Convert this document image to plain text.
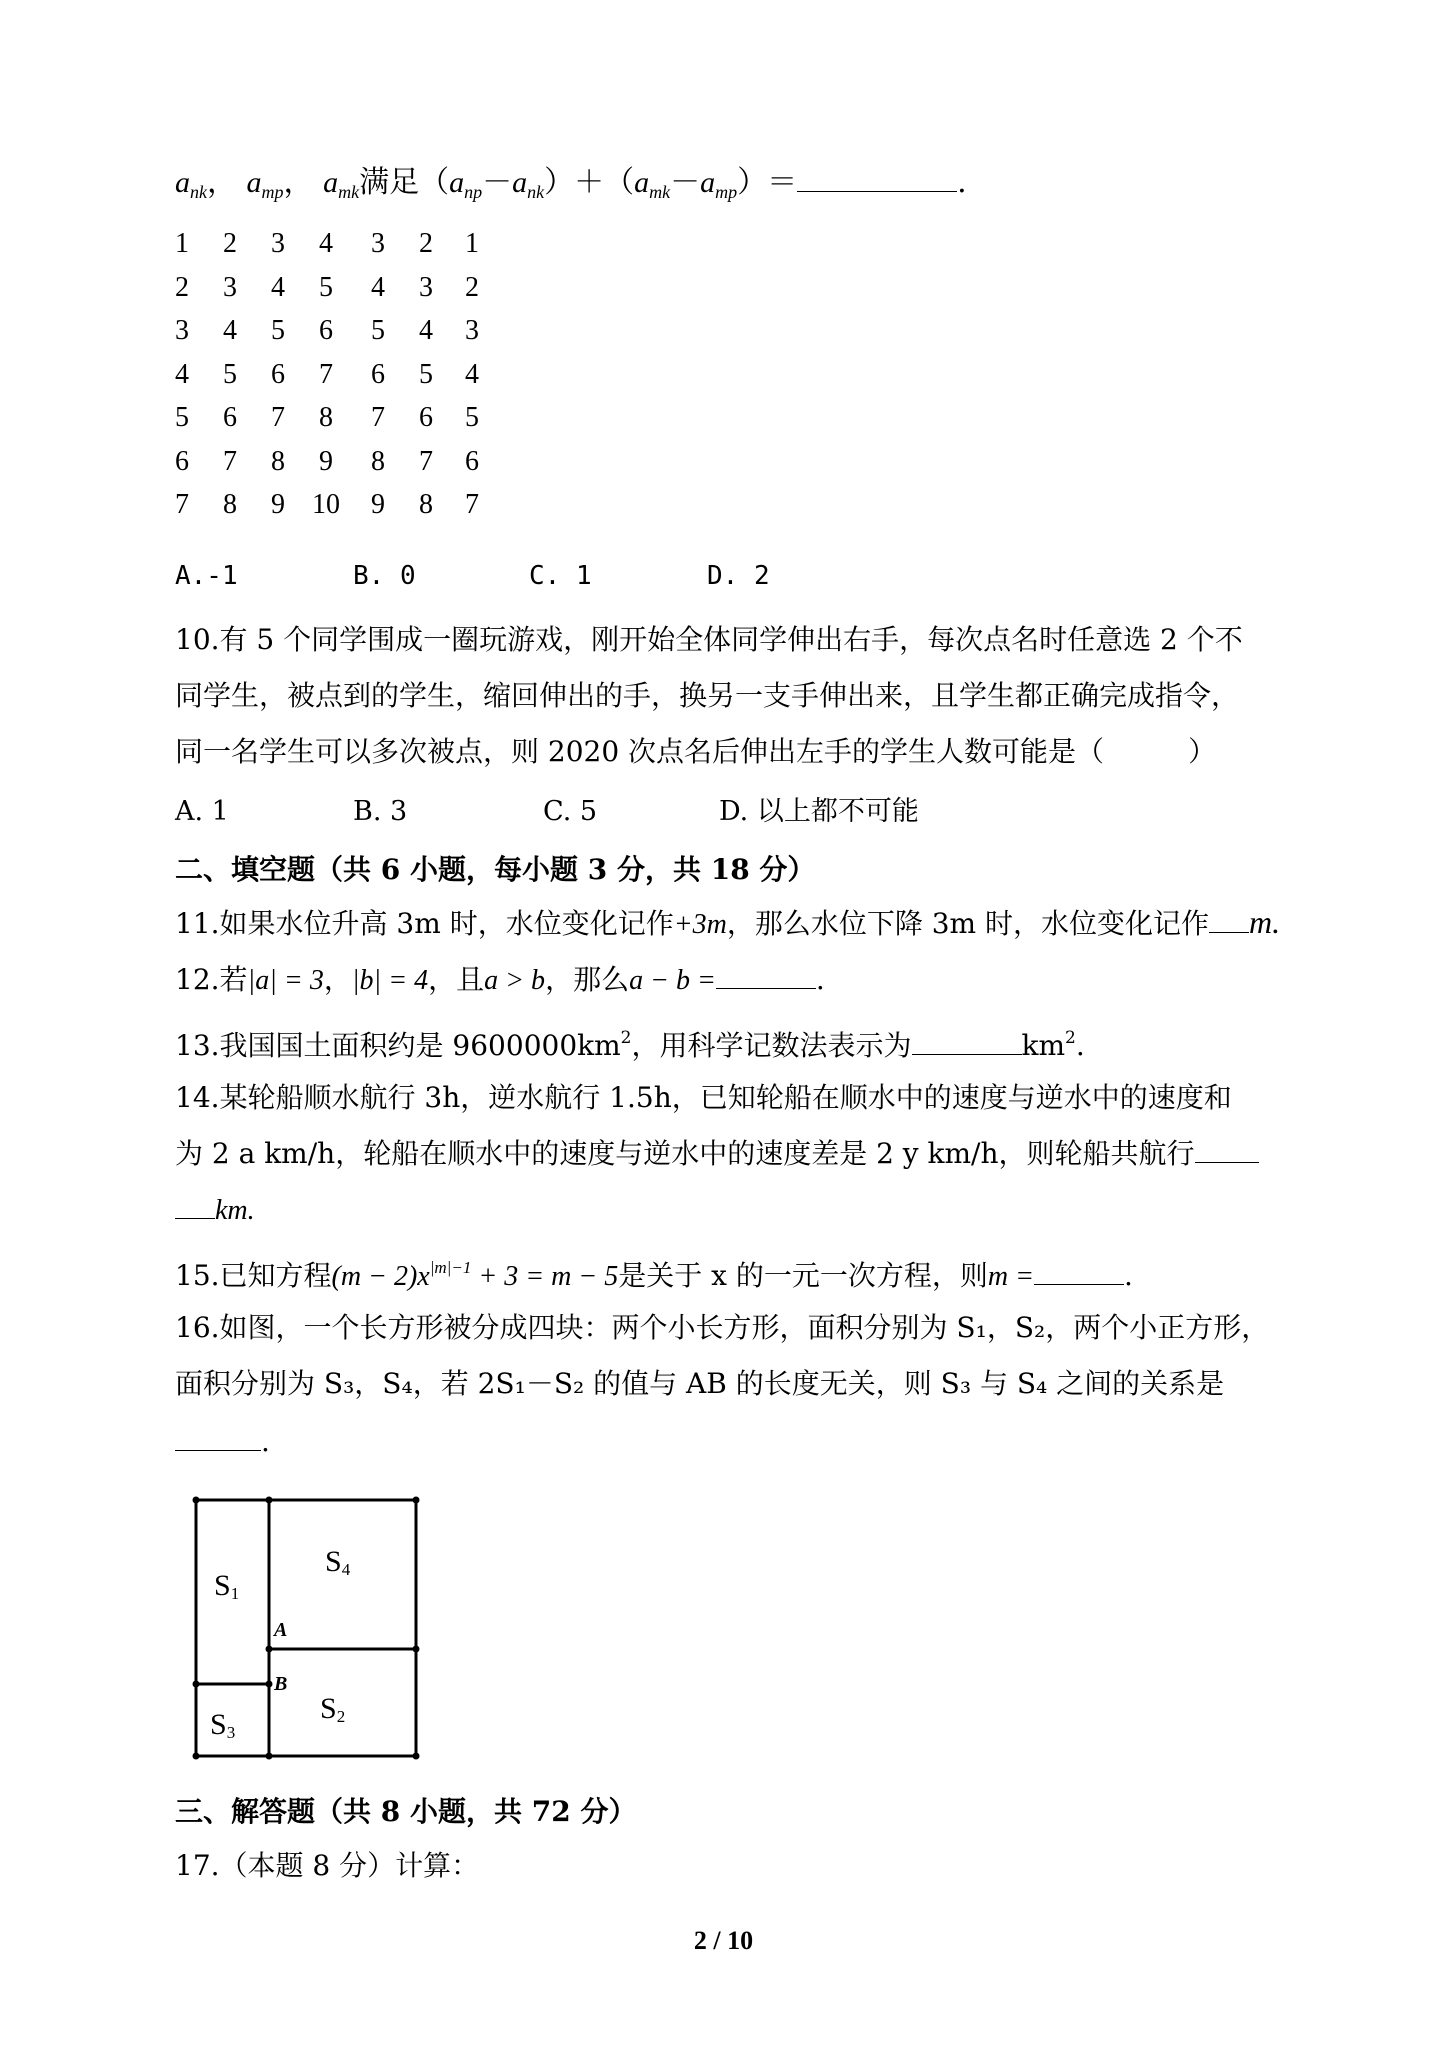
$a_{nk}$， $a_{mp}$， $a_{mk}$满足$(a_{np}-a_{nk})+(a_{mk}-a_{mp})=$	.
1	2	3	4	3	2	1
2	3	4	5	4	3	2
3	4	5	6	5	4	3
4	5	6	7	6	5	4
5	6	7	8	7	6	5
6	7	8	9	8	7	6
7	8	9 10	9	8	7
A.-1	B. 0	C. 1	D. 2
10.有 5 个同学围成一圈玩游戏，刚开始全体同学伸出右手，每次点名时任意选 2 个不
同学生，被点到的学生，缩回伸出的手，换另一支手伸出来，且学生都正确完成指令，
同一名学生可以多次被点，则 2020 次点名后伸出左手的学生人数可能是（　　　）
A. 1	B. 3	C. 5	D. 以上都不可能
二、填空题（共 6 小题，每小题 3 分，共 18 分）
11.如果水位升高 3m 时，水位变化记作+3m，那么水位下降 3m 时，水位变化记作 m.
12.若|a| = 3，|b| = 4，且a > b，那么a − b =	.
13.我国国土面积约是 $9600000km^2$，用科学记数法表示为	$km^2$.
14.某轮船顺水航行 3h，逆水航行 1.5h，已知轮船在顺水中的速度与逆水中的速度和
为 2 a km/h，轮船在顺水中的速度与逆水中的速度差是 2 y km/h，则轮船共航行
km.
15.已知方程$(m - 2)x^{|m|-1} + 3 = m - 5$是关于 x 的一元一次方程，则m =	.
16.如图，一个长方形被分成四块：两个小长方形，面积分别为 S₁，S₂，两个小正方形，
面积分别为 S₃，S₄，若 2S₁－S₂ 的值与 AB 的长度无关，则 S₃ 与 S₄ 之间的关系是
.
S1
S4
S2
S3
A
B
三、解答题（共 8 小题，共 72 分）
17.（本题 8 分）计算：
2 / 10
